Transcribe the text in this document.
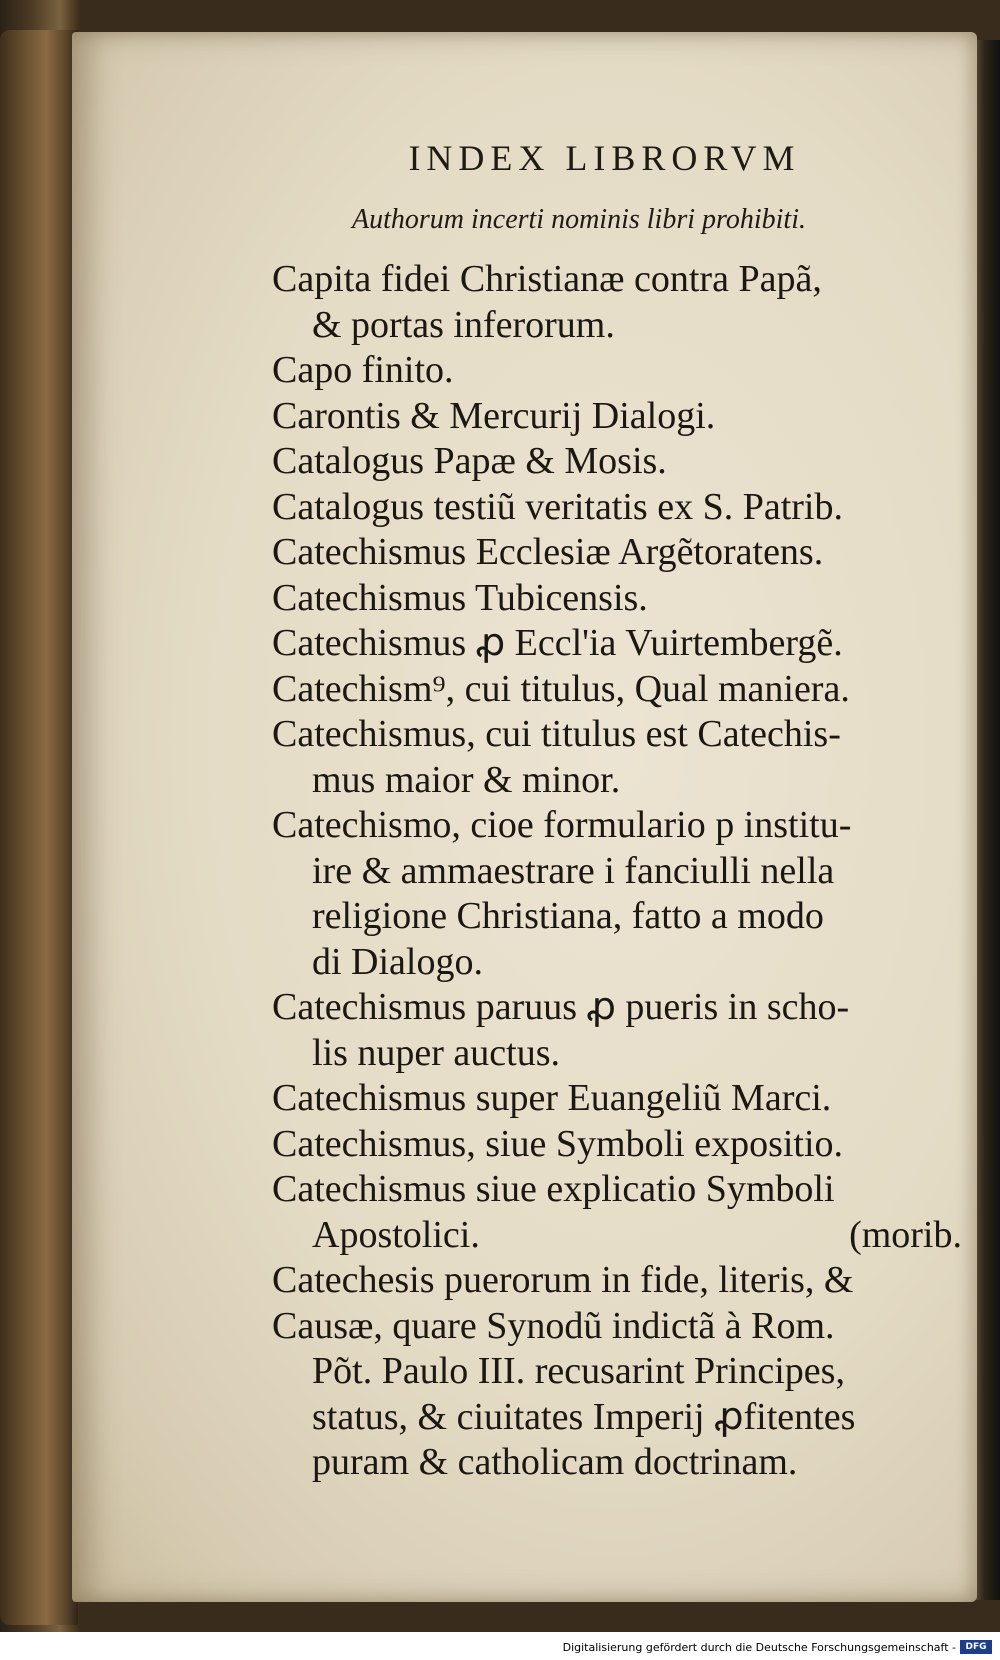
INDEX LIBRORVM
Authorum incerti nominis libri prohibiti.
Capita fidei Christianæ contra Papã,
& portas inferorum.
Capo finito.
Carontis & Mercurij Dialogi.
Catalogus Papæ & Mosis.
Catalogus testiũ veritatis ex S. Patrib.
Catechismus Ecclesiæ Argẽtoratens.
Catechismus Tubicensis.
Catechismus ꝓ Eccl'ia Vuirtembergẽ.
Catechism⁹, cui titulus, Qual maniera.
Catechismus, cui titulus est Catechis-
mus maior & minor.
Catechismo, cioe formulario p institu-
ire & ammaestrare i fanciulli nella
religione Christiana, fatto a modo
di Dialogo.
Catechismus paruus ꝓ pueris in scho-
lis nuper auctus.
Catechismus super Euangeliũ Marci.
Catechismus, siue Symboli expositio.
Catechismus siue explicatio Symboli
Apostolici.	(morib.
Catechesis puerorum in fide, literis, &
Causæ, quare Synodũ indictã à Rom.
Põt. Paulo III. recusarint Principes,
status, & ciuitates Imperij ꝓfitentes
puram & catholicam doctrinam.
Digitalisierung gefördert durch die Deutsche Forschungsgemeinschaft -	DFG
